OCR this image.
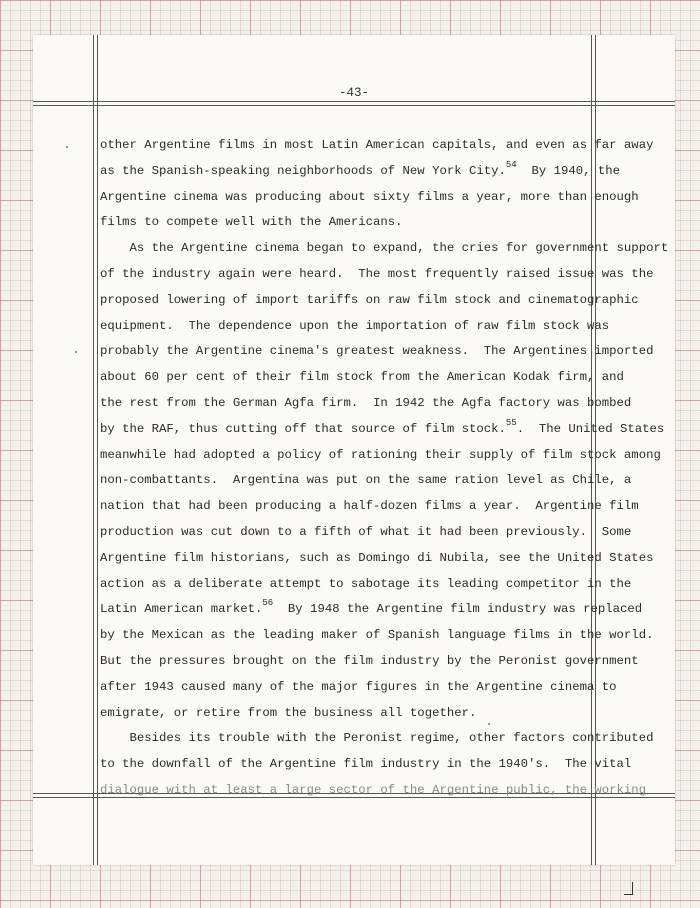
-43-
other Argentine films in most Latin American capitals, and even as far away
as the Spanish-speaking neighborhoods of New York City.$^{54}$  By 1940, the
Argentine cinema was producing about sixty films a year, more than enough
films to compete well with the Americans.
As the Argentine cinema began to expand, the cries for government support
of the industry again were heard.  The most frequently raised issue was the
proposed lowering of import tariffs on raw film stock and cinematographic
equipment.  The dependence upon the importation of raw film stock was
probably the Argentine cinema's greatest weakness.  The Argentines imported
about 60 per cent of their film stock from the American Kodak firm, and
the rest from the German Agfa firm.  In 1942 the Agfa factory was bombed
by the RAF, thus cutting off that source of film stock.$^{55}$.  The United States
meanwhile had adopted a policy of rationing their supply of film stock among
non-combattants.  Argentina was put on the same ration level as Chile, a
nation that had been producing a half-dozen films a year.  Argentine film
production was cut down to a fifth of what it had been previously.  Some
Argentine film historians, such as Domingo di Nubila, see the United States
action as a deliberate attempt to sabotage its leading competitor in the
Latin American market.$^{56}$  By 1948 the Argentine film industry was replaced
by the Mexican as the leading maker of Spanish language films in the world.
But the pressures brought on the film industry by the Peronist government
after 1943 caused many of the major figures in the Argentine cinema to
emigrate, or retire from the business all together.
Besides its trouble with the Peronist regime, other factors contributed
to the downfall of the Argentine film industry in the 1940's.  The vital
dialogue with at least a large sector of the Argentine public, the working
